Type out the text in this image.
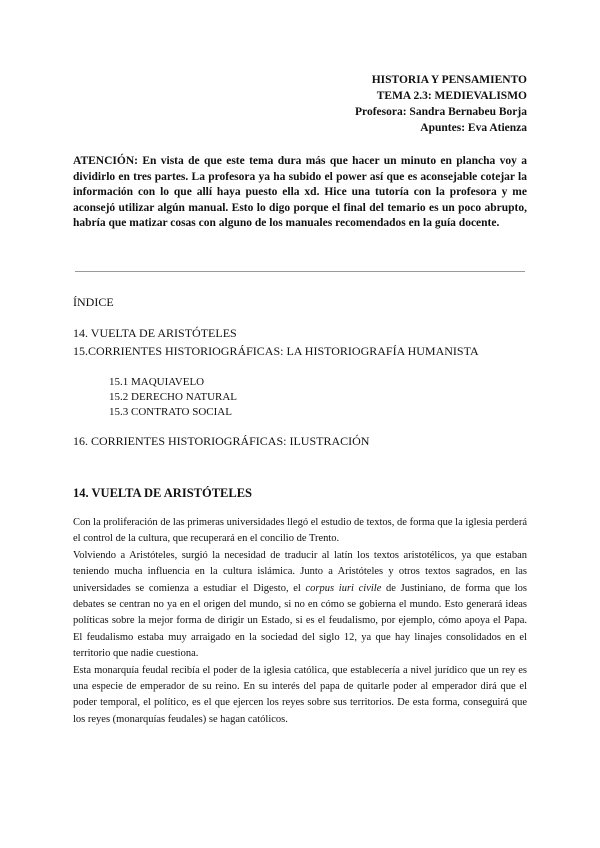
HISTORIA Y PENSAMIENTO
TEMA 2.3: MEDIEVALISMO
Profesora: Sandra Bernabeu Borja
Apuntes: Eva Atienza
ATENCIÓN: En vista de que este tema dura más que hacer un minuto en plancha voy a dividirlo en tres partes. La profesora ya ha subido el power así que es aconsejable cotejar la información con lo que allí haya puesto ella xd. Hice una tutoría con la profesora y me aconsejó utilizar algún manual. Esto lo digo porque el final del temario es un poco abrupto, habría que matizar cosas con alguno de los manuales recomendados en la guía docente.
ÍNDICE
14. VUELTA DE ARISTÓTELES
15.CORRIENTES HISTORIOGRÁFICAS: LA HISTORIOGRAFÍA HUMANISTA
15.1 MAQUIAVELO
15.2 DERECHO NATURAL
15.3 CONTRATO SOCIAL
16. CORRIENTES HISTORIOGRÁFICAS: ILUSTRACIÓN
14. VUELTA DE ARISTÓTELES

Con la proliferación de las primeras universidades llegó el estudio de textos, de forma que la iglesia perderá el control de la cultura, que recuperará en el concilio de Trento.

Volviendo a Aristóteles, surgió la necesidad de traducir al latín los textos aristotélicos, ya que estaban teniendo mucha influencia en la cultura islámica. Junto a Aristóteles y otros textos sagrados, en las universidades se comienza a estudiar el Digesto, el corpus iuri civile de Justiniano, de forma que los debates se centran no ya en el origen del mundo, si no en cómo se gobierna el mundo. Esto generará ideas políticas sobre la mejor forma de dirigir un Estado, si es el feudalismo, por ejemplo, cómo apoya el Papa. El feudalismo estaba muy arraigado en la sociedad del siglo 12, ya que hay linajes consolidados en el territorio que nadie cuestiona.

Esta monarquía feudal recibía el poder de la iglesia católica, que establecería a nivel jurídico que un rey es una especie de emperador de su reino. En su interés del papa de quitarle poder al emperador dirá que el poder temporal, el político, es el que ejercen los reyes sobre sus territorios. De esta forma, conseguirá que los reyes (monarquías feudales) se hagan católicos.
